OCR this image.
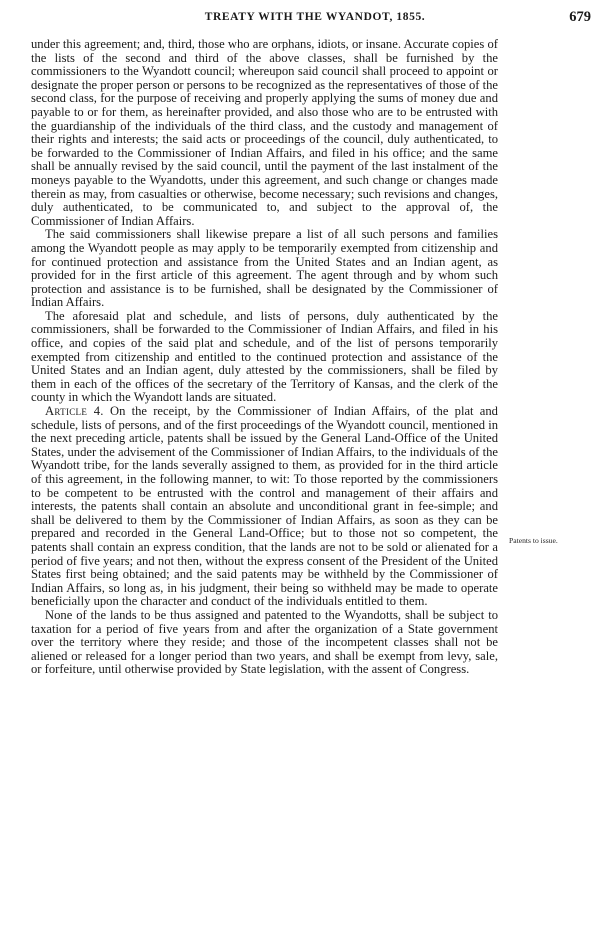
TREATY WITH THE WYANDOT, 1855.	679

under this agreement; and, third, those who are orphans, idiots, or insane. Accurate copies of the lists of the second and third of the above classes, shall be furnished by the commissioners to the Wyandott council; whereupon said council shall proceed to appoint or designate the proper person or persons to be recognized as the representatives of those of the second class, for the purpose of receiving and properly applying the sums of money due and payable to or for them, as hereinafter provided, and also those who are to be entrusted with the guardianship of the individuals of the third class, and the custody and management of their rights and interests; the said acts or proceedings of the council, duly authenticated, to be forwarded to the Commissioner of Indian Affairs, and filed in his office; and the same shall be annually revised by the said council, until the payment of the last instalment of the moneys payable to the Wyandotts, under this agreement, and such change or changes made therein as may, from casualties or otherwise, become necessary; such revisions and changes, duly authenticated, to be communicated to, and subject to the approval of, the Commissioner of Indian Affairs.

The said commissioners shall likewise prepare a list of all such persons and families among the Wyandott people as may apply to be temporarily exempted from citizenship and for continued protection and assistance from the United States and an Indian agent, as provided for in the first article of this agreement. The agent through and by whom such protection and assistance is to be furnished, shall be designated by the Commissioner of Indian Affairs.

The aforesaid plat and schedule, and lists of persons, duly authenticated by the commissioners, shall be forwarded to the Commissioner of Indian Affairs, and filed in his office, and copies of the said plat and schedule, and of the list of persons temporarily exempted from citizenship and entitled to the continued protection and assistance of the United States and an Indian agent, duly attested by the commissioners, shall be filed by them in each of the offices of the secretary of the Territory of Kansas, and the clerk of the county in which the Wyandott lands are situated.

Article 4. On the receipt, by the Commissioner of Indian Affairs, of the plat and schedule, lists of persons, and of the first proceedings of the Wyandott council, mentioned in the next preceding article, patents shall be issued by the General Land-Office of the United States, under the advisement of the Commissioner of Indian Affairs, to the individuals of the Wyandott tribe, for the lands severally assigned to them, as provided for in the third article of this agreement, in the following manner, to wit: To those reported by the commissioners to be competent to be entrusted with the control and management of their affairs and interests, the patents shall contain an absolute and unconditional grant in fee-simple; and shall be delivered to them by the Commissioner of Indian Affairs, as soon as they can be prepared and recorded in the General Land-Office; but to those not so competent, the patents shall contain an express condition, that the lands are not to be sold or alienated for a period of five years; and not then, without the express consent of the President of the United States first being obtained; and the said patents may be withheld by the Commissioner of Indian Affairs, so long as, in his judgment, their being so withheld may be made to operate beneficially upon the character and conduct of the individuals entitled to them.

None of the lands to be thus assigned and patented to the Wyandotts, shall be subject to taxation for a period of five years from and after the organization of a State government over the territory where they reside; and those of the incompetent classes shall not be aliened or released for a longer period than two years, and shall be exempt from levy, sale, or forfeiture, until otherwise provided by State legislation, with the assent of Congress.

Patents to issue.
